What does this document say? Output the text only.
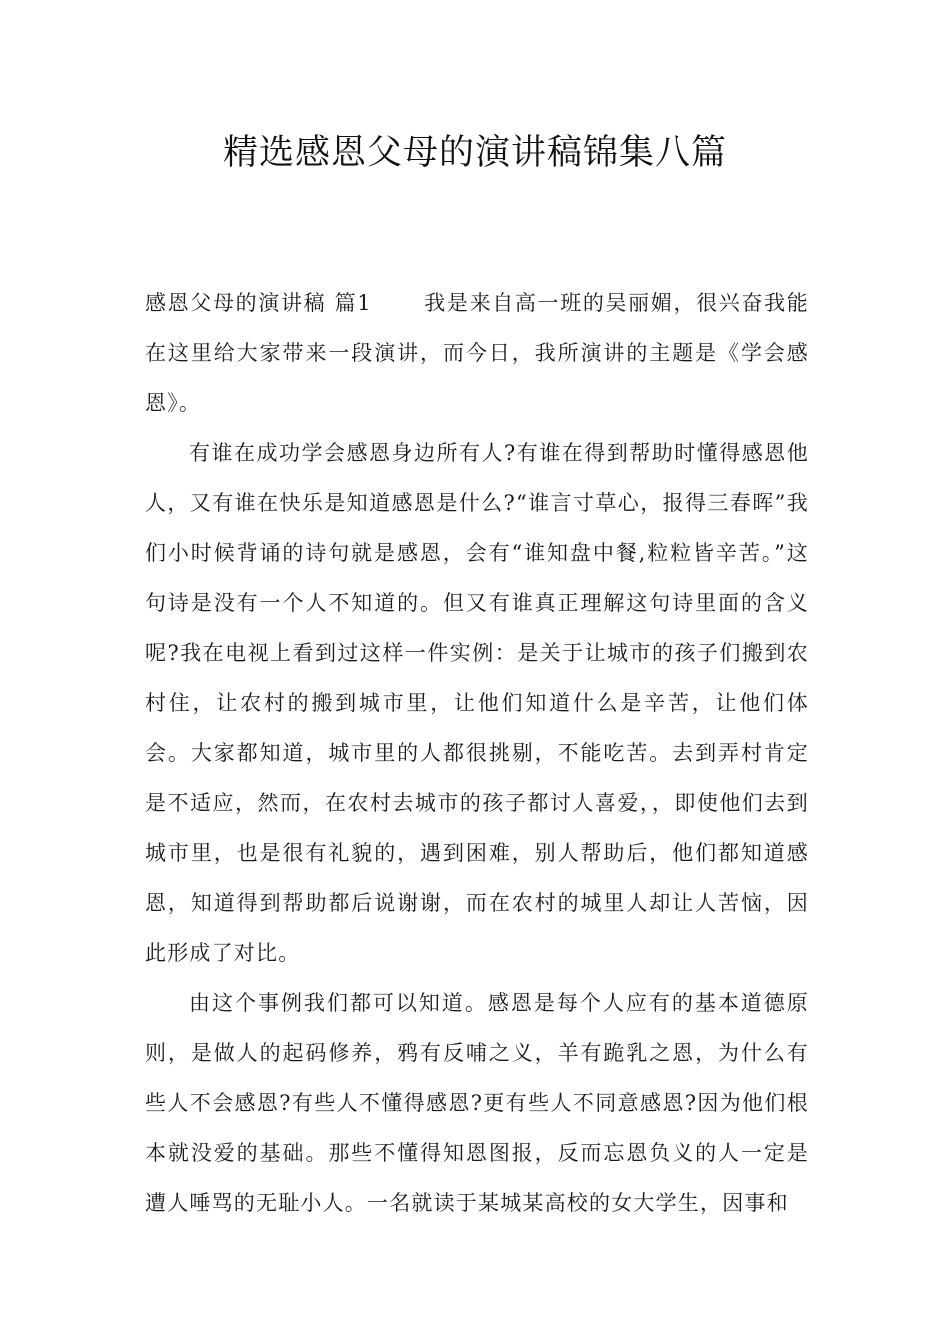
精选感恩父母的演讲稿锦集八篇

感恩父母的演讲稿 篇1 我是来自高一班的吴丽媚，很兴奋我能在这里给大家带来一段演讲，而今日，我所演讲的主题是《学会感恩》。

有谁在成功学会感恩身边所有人?有谁在得到帮助时懂得感恩他人，又有谁在快乐是知道感恩是什么?“谁言寸草心，报得三春晖”我们小时候背诵的诗句就是感恩，会有“谁知盘中餐,粒粒皆辛苦。”这句诗是没有一个人不知道的。但又有谁真正理解这句诗里面的含义呢?我在电视上看到过这样一件实例：是关于让城市的孩子们搬到农村住，让农村的搬到城市里，让他们知道什么是辛苦，让他们体会。大家都知道，城市里的人都很挑剔，不能吃苦。去到弄村肯定是不适应，然而，在农村去城市的孩子都讨人喜爱，，即使他们去到城市里，也是很有礼貌的，遇到困难，别人帮助后，他们都知道感恩，知道得到帮助都后说谢谢，而在农村的城里人却让人苦恼，因此形成了对比。

由这个事例我们都可以知道。感恩是每个人应有的基本道德原则，是做人的起码修养，鸦有反哺之义，羊有跪乳之恩，为什么有些人不会感恩?有些人不懂得感恩?更有些人不同意感恩?因为他们根本就没爱的基础。那些不懂得知恩图报，反而忘恩负义的人一定是遭人唾骂的无耻小人。一名就读于某城某高校的女大学生，因事和
